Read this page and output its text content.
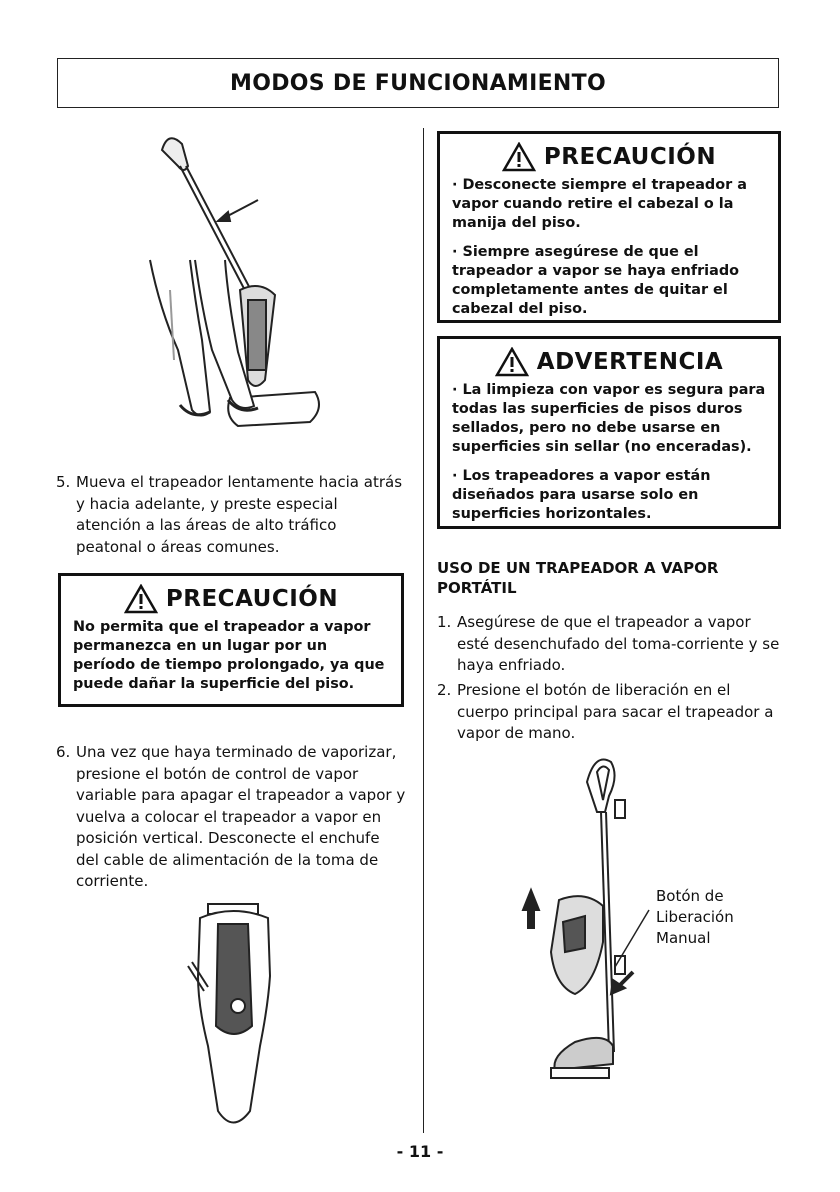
MODOS DE FUNCIONAMIENTO
5. Mueva el trapeador lentamente hacia atrás y hacia adelante, y preste especial atención a las áreas de alto tráfico peatonal o áreas comunes.
PRECAUCIÓN

No permita que el trapeador a vapor permanezca en un lugar por un período de tiempo prolongado, ya que puede dañar la superficie del piso.

6. Una vez que haya terminado de vaporizar, presione el botón de control de vapor variable para apagar el trapeador a vapor y vuelva a colocar el trapeador a vapor en posición vertical. Desconecte el enchufe del cable de alimentación de la toma de corriente.
PRECAUCIÓN

· Desconecte siempre el trapeador a vapor cuando retire el cabezal o la manija del piso.

· Siempre asegúrese de que el trapeador a vapor se haya enfriado completamente antes de quitar el cabezal del piso.

ADVERTENCIA

· La limpieza con vapor es segura para todas las superficies de pisos duros sellados, pero no debe usarse en superficies sin sellar (no enceradas).

· Los trapeadores a vapor están diseñados para usarse solo en superficies horizontales.

USO DE UN TRAPEADOR A VAPOR PORTÁTIL
1. Asegúrese de que el trapeador a vapor esté desenchufado del toma-corriente y se haya enfriado.
2. Presione el botón de liberación en el cuerpo principal para sacar el trapeador a vapor de mano.
Botón de
Liberación
Manual
- 11 -
